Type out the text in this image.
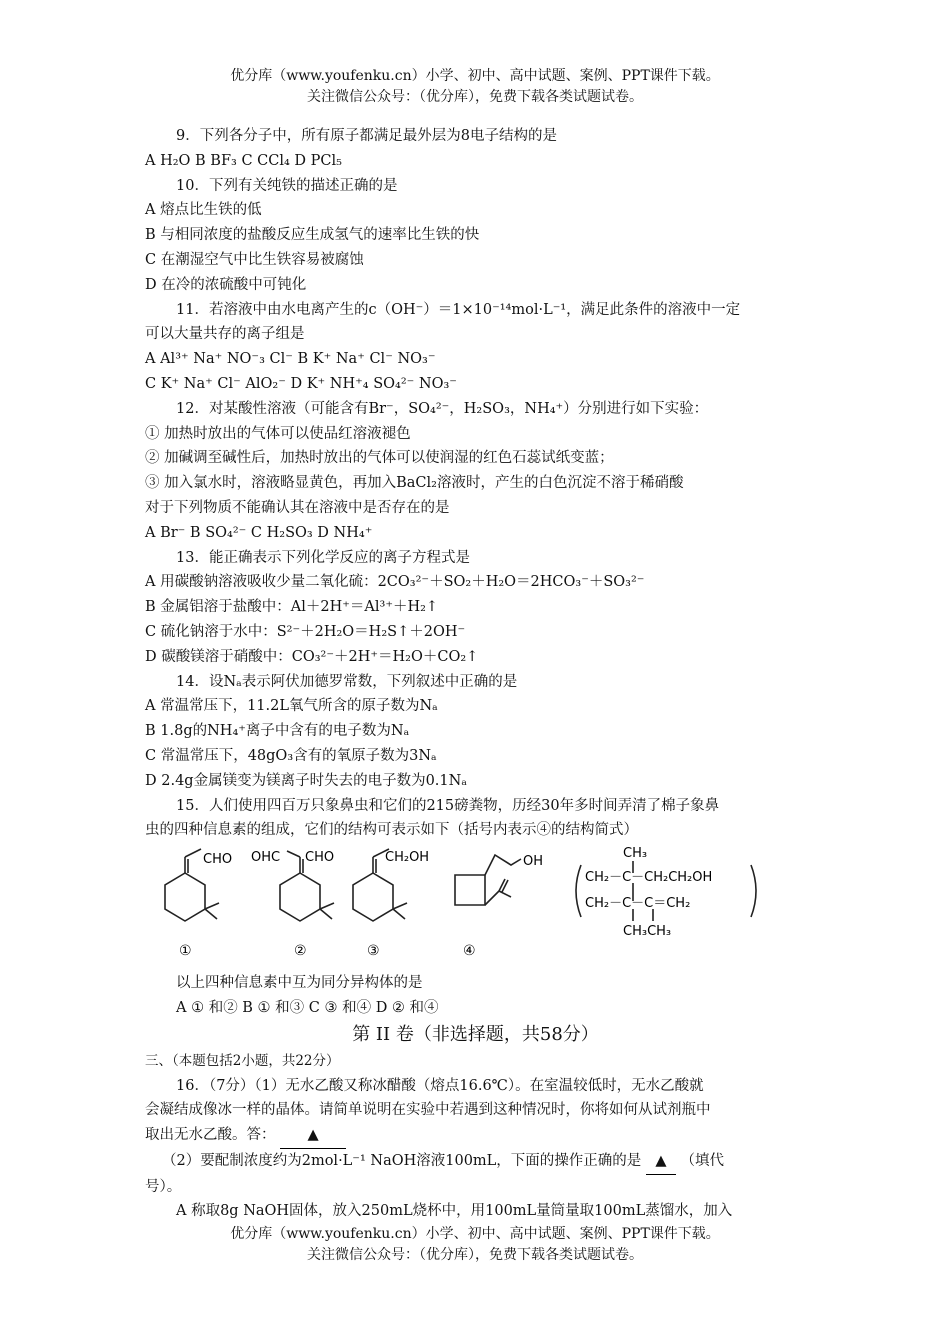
优分库（www.youfenku.cn）小学、初中、高中试题、案例、PPT课件下载。
关注微信公众号：（优分库），免费下载各类试题试卷。
9．下列各分子中，所有原子都满足最外层为8电子结构的是
A H₂O B BF₃ C CCl₄ D PCl₅
10．下列有关纯铁的描述正确的是
A 熔点比生铁的低
B 与相同浓度的盐酸反应生成氢气的速率比生铁的快
C 在潮湿空气中比生铁容易被腐蚀
D 在冷的浓硫酸中可钝化
11．若溶液中由水电离产生的c（OH⁻）＝1×10⁻¹⁴mol·L⁻¹，满足此条件的溶液中一定
可以大量共存的离子组是
A Al³⁺ Na⁺ NO⁻₃ Cl⁻ B K⁺ Na⁺ Cl⁻ NO₃⁻
C K⁺ Na⁺ Cl⁻ AlO₂⁻ D K⁺ NH⁺₄ SO₄²⁻ NO₃⁻
12．对某酸性溶液（可能含有Br⁻，SO₄²⁻，H₂SO₃，NH₄⁺）分别进行如下实验：
① 加热时放出的气体可以使品红溶液褪色
② 加碱调至碱性后，加热时放出的气体可以使润湿的红色石蕊试纸变蓝；
③ 加入氯水时，溶液略显黄色，再加入BaCl₂溶液时，产生的白色沉淀不溶于稀硝酸
对于下列物质不能确认其在溶液中是否存在的是
A Br⁻ B SO₄²⁻ C H₂SO₃ D NH₄⁺
13．能正确表示下列化学反应的离子方程式是
A 用碳酸钠溶液吸收少量二氧化硫：2CO₃²⁻＋SO₂＋H₂O＝2HCO₃⁻＋SO₃²⁻
B 金属铝溶于盐酸中：Al＋2H⁺＝Al³⁺＋H₂↑
C 硫化钠溶于水中：S²⁻＋2H₂O＝H₂S↑＋2OH⁻
D 碳酸镁溶于硝酸中：CO₃²⁻＋2H⁺＝H₂O＋CO₂↑
14．设Nₐ表示阿伏加德罗常数，下列叙述中正确的是
A 常温常压下，11.2L氧气所含的原子数为Nₐ
B 1.8g的NH₄⁺离子中含有的电子数为Nₐ
C 常温常压下，48gO₃含有的氧原子数为3Nₐ
D 2.4g金属镁变为镁离子时失去的电子数为0.1Nₐ
15．人们使用四百万只象鼻虫和它们的215磅粪物，历经30年多时间弄清了棉子象鼻
虫的四种信息素的组成，它们的结构可表示如下（括号内表示④的结构简式）
CHO OHC CHO	CH₂OH	OH
CH₃
CH₂－C－CH₂CH₂OH
CH₂－C－C＝CH₂
CH₃CH₃
①	②	③	④
以上四种信息素中互为同分异构体的是
A ① 和② B ① 和③ C ③ 和④ D ② 和④
第 II 卷（非选择题，共58分）
三、（本题包括2小题，共22分）
16．（7分）（1）无水乙酸又称冰醋酸（熔点16.6℃）。在室温较低时，无水乙酸就
会凝结成像冰一样的晶体。请简单说明在实验中若遇到这种情况时，你将如何从试剂瓶中
取出无水乙酸。答： ▲
（2）要配制浓度约为2mol·L⁻¹ NaOH溶液100mL，下面的操作正确的是 ▲ （填代
号）。
A 称取8g NaOH固体，放入250mL烧杯中，用100mL量筒量取100mL蒸馏水，加入
优分库（www.youfenku.cn）小学、初中、高中试题、案例、PPT课件下载。
关注微信公众号：（优分库），免费下载各类试题试卷。
